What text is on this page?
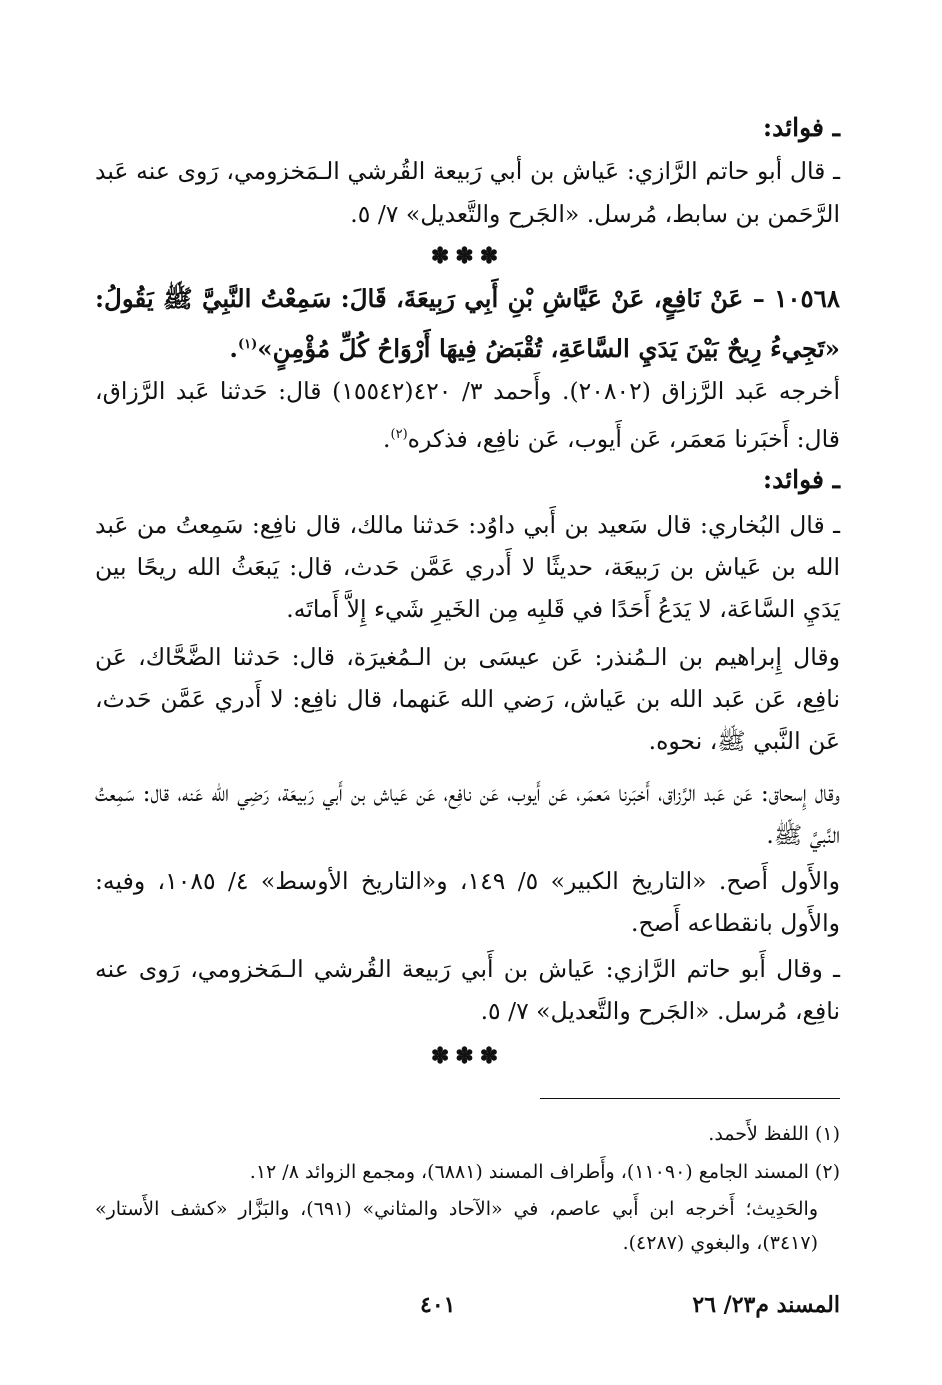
ـ فوائد:

ـ قال أبو حاتم الرَّازي: عَياش بن أبي رَبيعة القُرشي الـمَخزومي، رَوى عنه عَبد الرَّحَمن بن سابط، مُرسل. «الجَرح والتَّعديل» ٧/ ٥.

✽✽✽

١٠٥٦٨ – عَنْ نَافِعٍ، عَنْ عَيَّاشِ بْنِ أَبِي رَبِيعَةَ، قَالَ: سَمِعْتُ النَّبِيَّ ﷺ يَقُولُ: «تَجِيءُ رِيحٌ بَيْنَ يَدَيِ السَّاعَةِ، تُقْبَضُ فِيهَا أَرْوَاحُ كُلِّ مُؤْمِنٍ»$^{(١)}$.

أخرجه عَبد الرَّزاق (٢٠٨٠٢). وأَحمد ٣/ ٤٢٠(١٥٥٤٢) قال: حَدثنا عَبد الرَّزاق، قال: أَخبَرنا مَعمَر، عَن أَيوب، عَن نافِع، فذكره$^{(٢)}$.

ـ فوائد:

ـ قال البُخاري: قال سَعيد بن أَبي داوُد: حَدثنا مالك، قال نافِع: سَمِعتُ من عَبد الله بن عَياش بن رَبيعَة، حديثًا لا أَدري عَمَّن حَدث، قال: يَبعَثُ الله ريحًا بين يَدَيِ السَّاعَة، لا يَدَعُ أَحَدًا في قَلبِه مِن الخَيرِ شَيء إِلاَّ أَماتَه.

وقال إِبراهيم بن الـمُنذر: عَن عيسَى بن الـمُغيرَة، قال: حَدثنا الضَّحَّاك، عَن نافِع، عَن عَبد الله بن عَياش، رَضي الله عَنهما، قال نافِع: لا أَدري عَمَّن حَدث، عَن النَّبي ﷺ، نحوه.

وقال إِسحاق: عَن عَبد الرَّزاق، أَخبَرنا مَعمَر، عَن أَيوب، عَن نافِع، عَن عَياش بن أَبي رَبيعَة، رَضِي الله عَنه، قال: سَمِعتُ النَّبيَّ ﷺ.

والأَول أَصح. «التاريخ الكبير» ٥/ ١٤٩، و«التاريخ الأوسط» ٤/ ١٠٨٥، وفيه: والأَول بانقطاعه أَصح.

ـ وقال أَبو حاتم الرَّازي: عَياش بن أَبي رَبيعة القُرشي الـمَخزومي، رَوى عنه نافِع، مُرسل. «الجَرح والتَّعديل» ٧/ ٥.

✽✽✽

(١) اللفظ لأَحمد.

(٢) المسند الجامع (١١٠٩٠)، وأَطراف المسند (٦٨٨١)، ومجمع الزوائد ٨/ ١٢.

والحَدِيث؛ أَخرجه ابن أَبي عاصم، في «الآحاد والمثاني» (٦٩١)، والبَزَّار «كشف الأَستار» (٣٤١٧)، والبغوي (٤٢٨٧).

المسند م٢٣/ ٢٦
٤٠١
